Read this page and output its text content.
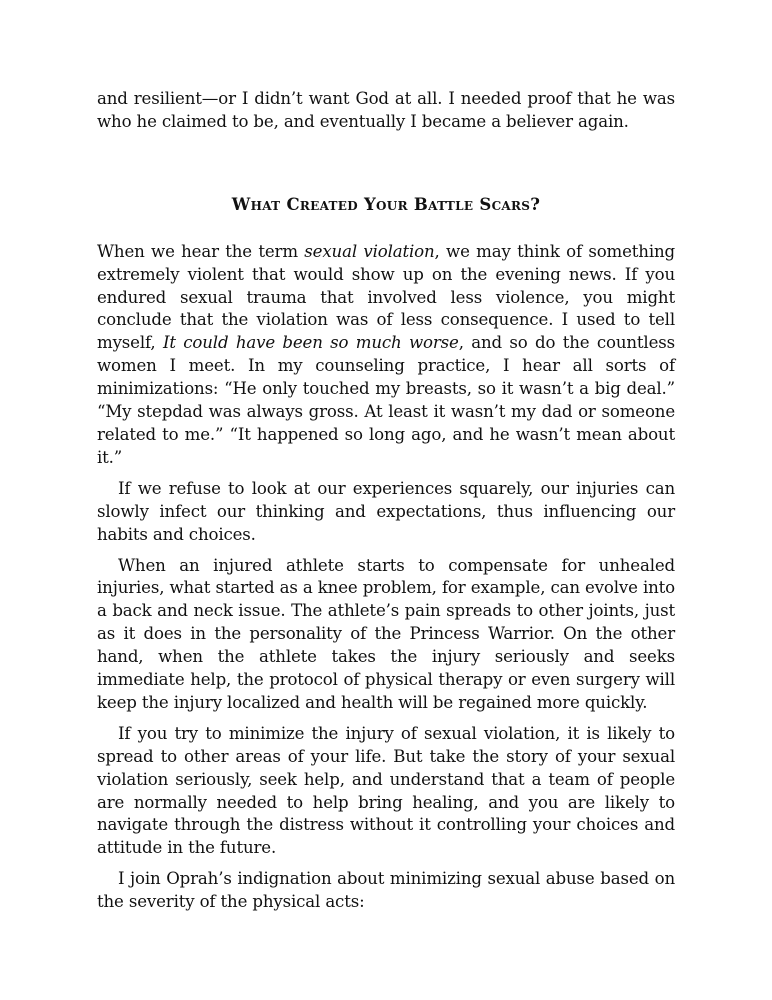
and resilient—or I didn’t want God at all. I needed proof that he was who he claimed to be, and eventually I became a believer again.

What Created Your Battle Scars?

When we hear the term sexual violation, we may think of something extremely violent that would show up on the evening news. If you endured sexual trauma that involved less violence, you might conclude that the violation was of less consequence. I used to tell myself, It could have been so much worse, and so do the countless women I meet. In my counseling practice, I hear all sorts of minimizations: “He only touched my breasts, so it wasn’t a big deal.” “My stepdad was always gross. At least it wasn’t my dad or someone related to me.” “It happened so long ago, and he wasn’t mean about it.”

If we refuse to look at our experiences squarely, our injuries can slowly infect our thinking and expectations, thus influencing our habits and choices.

When an injured athlete starts to compensate for unhealed injuries, what started as a knee problem, for example, can evolve into a back and neck issue. The athlete’s pain spreads to other joints, just as it does in the personality of the Princess Warrior. On the other hand, when the athlete takes the injury seriously and seeks immediate help, the protocol of physical therapy or even surgery will keep the injury localized and health will be regained more quickly.

If you try to minimize the injury of sexual violation, it is likely to spread to other areas of your life. But take the story of your sexual violation seriously, seek help, and understand that a team of people are normally needed to help bring healing, and you are likely to navigate through the distress without it controlling your choices and attitude in the future.

I join Oprah’s indignation about minimizing sexual abuse based on the severity of the physical acts:
